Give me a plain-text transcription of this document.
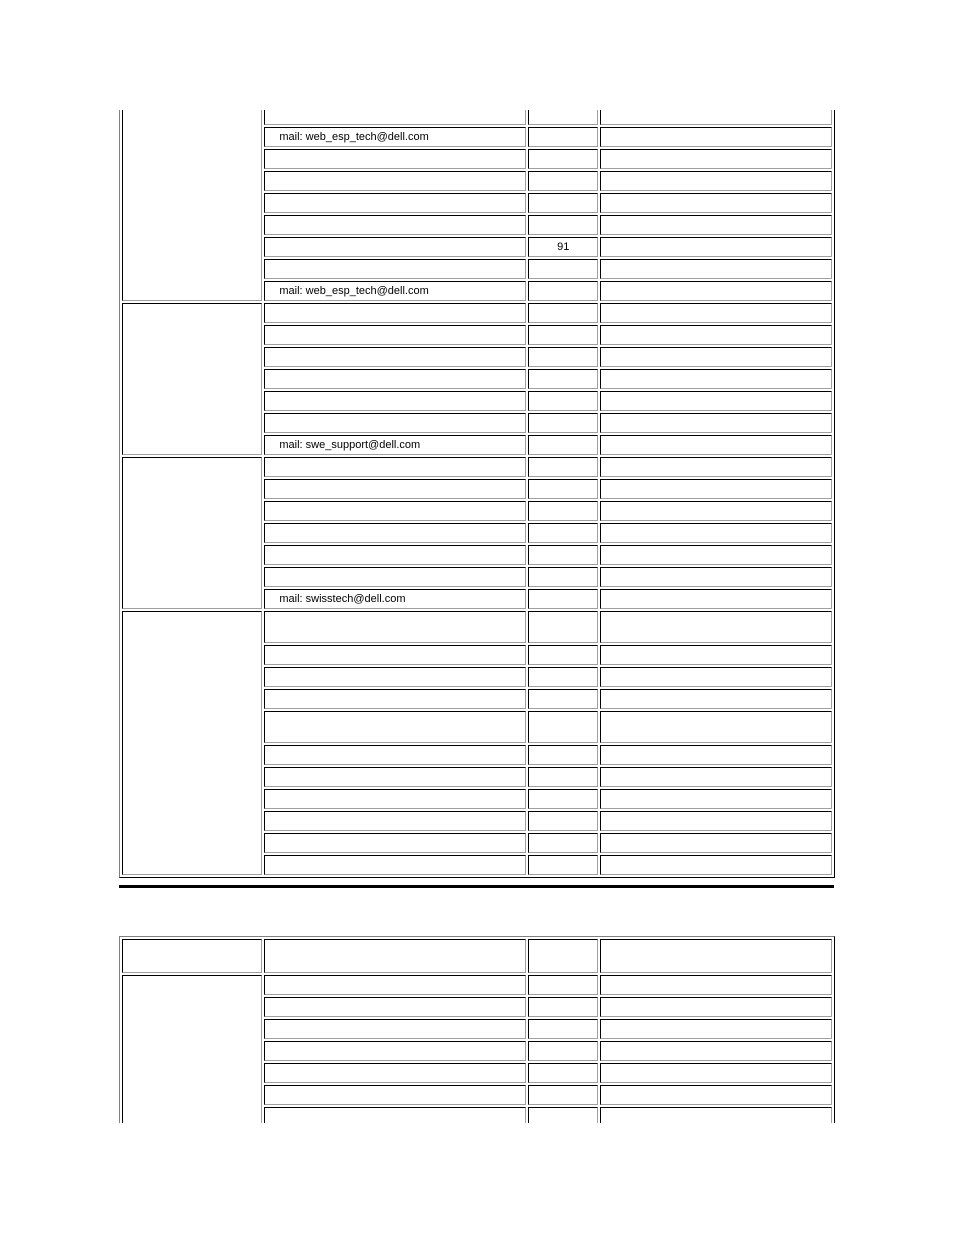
	mail: web_esp_tech@dell.com		

		91	

	mail: web_esp_tech@dell.com		

	mail: swe_support@dell.com		

	mail: swisstech@dell.com		
